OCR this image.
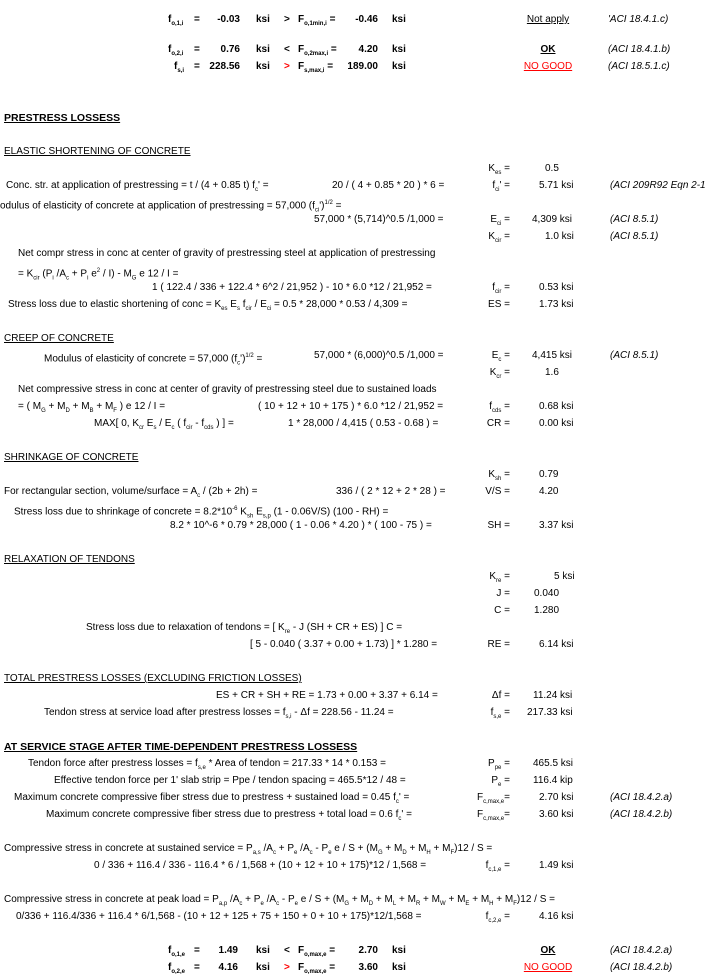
$f_{o,1,i}$ =	-0.03 ksi > $F_{o,1min,i}$ =	-0.46 ksi	Not apply	'ACI 18.4.1.c)
$f_{o,2,i}$ =	0.76 ksi < $F_{o,2max,i}$ =	4.20 ksi	OK	(ACI 18.4.1.b)
$f_{s,i} = 228.56$ ksi > $F_{s,max,i}$ =	189.00 ksi	NO GOOD	(ACI 18.5.1.c)
PRESTRESS LOSSESS
ELASTIC SHORTENING OF CONCRETE
$K_{es}$ =	0.5
Conc. str. at application of prestressing = t / (4 + 0.85 t) $f_c'$ =	20 / ( 4 + 0.85 * 20 ) * 6 =	$f_{ci}'$ =	5.71 ksi	(ACI 209R92 Eqn 2-1
odulus of elasticity of concrete at application of prestressing = 57,000 $(f_{ci}')^{1/2}$ =
57,000 * (5,714)^0.5 /1,000 =	$E_{ci} = 4,309$ ksi	(ACI 8.5.1)
$K_{cir}$ =	1.0 ksi	(ACI 8.5.1)
Net compr stress in conc at center of gravity of prestressing steel at application of prestressing
= $K_{cir}$ ($P_i$ $/A_c + P_i$ $e^2 / I) - M_G$ e 12 / I =
1 ( 122.4 / 336 + 122.4 * 6^2 / 21,952 ) - 10 * 6.0 *12 / 21,952 =	$f_{cir}$ =	0.53 ksi
Stress loss due to elastic shortening of conc = $K_{es}$ $E_s$ $f_{cir} / E_{ci} = 0.5 * 28,000 * 0.53 / 4,309$ =	ES =	1.73 ksi
CREEP OF CONCRETE
Modulus of elasticity of concrete = 57,000 $(f_c')^{1/2}$ =	57,000 * (6,000)^0.5 /1,000 =	$E_c = 4,415$ ksi	(ACI 8.5.1)
$K_{cr}$ =	1.6
Net compressive stress in conc at center of gravity of prestressing steel due to sustained loads
= ( $M_G + M_D + M_B + M_F$ ) e 12 / I =	( 10 + 12 + 10 + 175 ) * 6.0 *12 / 21,952 =	$f_{cds}$ =	0.68 ksi
MAX[ 0, $K_{cr}$ $E_s / E_c$ ( $f_{cir} - f_{cds}$ ) ] =	1 * 28,000 / 4,415 ( 0.53 - 0.68 ) =	CR =	0.00 ksi
SHRINKAGE OF CONCRETE
$K_{sh}$ =	0.79
For rectangular section, volume/surface = $A_c / (2b + 2h)$ =	336 / ( 2 * 12 + 2 * 28 ) =	V/S =	4.20
Stress loss due to shrinkage of concrete = $8.2*10^{-6}$ $K_{sh}$ $E_{s,p}$ (1 - 0.06V/S) (100 - RH) =
8.2 * 10^-6 * 0.79 * 28,000 ( 1 - 0.06 * 4.20 ) * ( 100 - 75 ) =	SH =	3.37 ksi
RELAXATION OF TENDONS
$K_{re}$ =	5 ksi
J = 0.040
C = 1.280
Stress loss due to relaxation of tendons = [ $K_{re}$ - J (SH + CR + ES) ] C =
[ 5 - 0.040 ( 3.37 + 0.00 + 1.73) ] * 1.280 =	RE =	6.14 ksi
TOTAL PRESTRESS LOSSES (EXCLUDING FRICTION LOSSES)
ES + CR + SH + RE = 1.73 + 0.00 + 3.37 + 6.14 =	Δf = 11.24 ksi
Tendon stress at service load after prestress losses = $f_{s,i} - \Delta f = 228.56 - 11.24$ =	$f_{s,e} = 217.33$ ksi
AT SERVICE STAGE AFTER TIME-DEPENDENT PRESTRESS LOSSESS
Tendon force after prestress losses = $f_{s,e}$ * Area of tendon = 217.33 * 14 * 0.153 =	$P_{pe} = 465.5$ ksi
Effective tendon force per 1' slab strip = Ppe / tendon spacing = 465.5*12 / 48 =	$P_e = 116.4$ kip
Maximum concrete compressive fiber stress due to prestress + sustained load = 0.45 $f_c'$ =	$F_{c,max,e}=$	2.70 ksi	(ACI 18.4.2.a)
Maximum concrete compressive fiber stress due to prestress + total load = 0.6 $f_c'$ =	$F_{c,max,e}=$	3.60 ksi	(ACI 18.4.2.b)
Compressive stress in concrete at sustained service = $P_{a,s}$ $/A_c + P_e$ $/A_c - P_e$ $e / S + (M_G + M_D + M_H + M_F)12 / S$ =
0 / 336 + 116.4 / 336 - 116.4 * 6 / 1,568 + (10 + 12 + 10 + 175)*12 / 1,568 =	$f_{c,1,e}$ =	1.49 ksi
Compressive stress in concrete at peak load = $P_{a,p}$ $/A_c + P_e$ $/A_c - P_e$ $e / S + (M_G + M_D + M_L + M_R + M_W + M_E + M_H + M_F)12 / S$ =
0/336 + 116.4/336 + 116.4 * 6/1,568 - (10 + 12 + 125 + 75 + 150 + 0 + 10 + 175)*12/1,568 =	$f_{c,2,e}$ =	4.16 ksi
$f_{o,1,e}$ =	1.49 ksi < $F_{o,max,e}$ =	2.70 ksi	OK	(ACI 18.4.2.a)
$f_{o,2,e}$ =	4.16 ksi > $F_{o,max,e}$ =	3.60 ksi	NO GOOD	(ACI 18.4.2.b)
